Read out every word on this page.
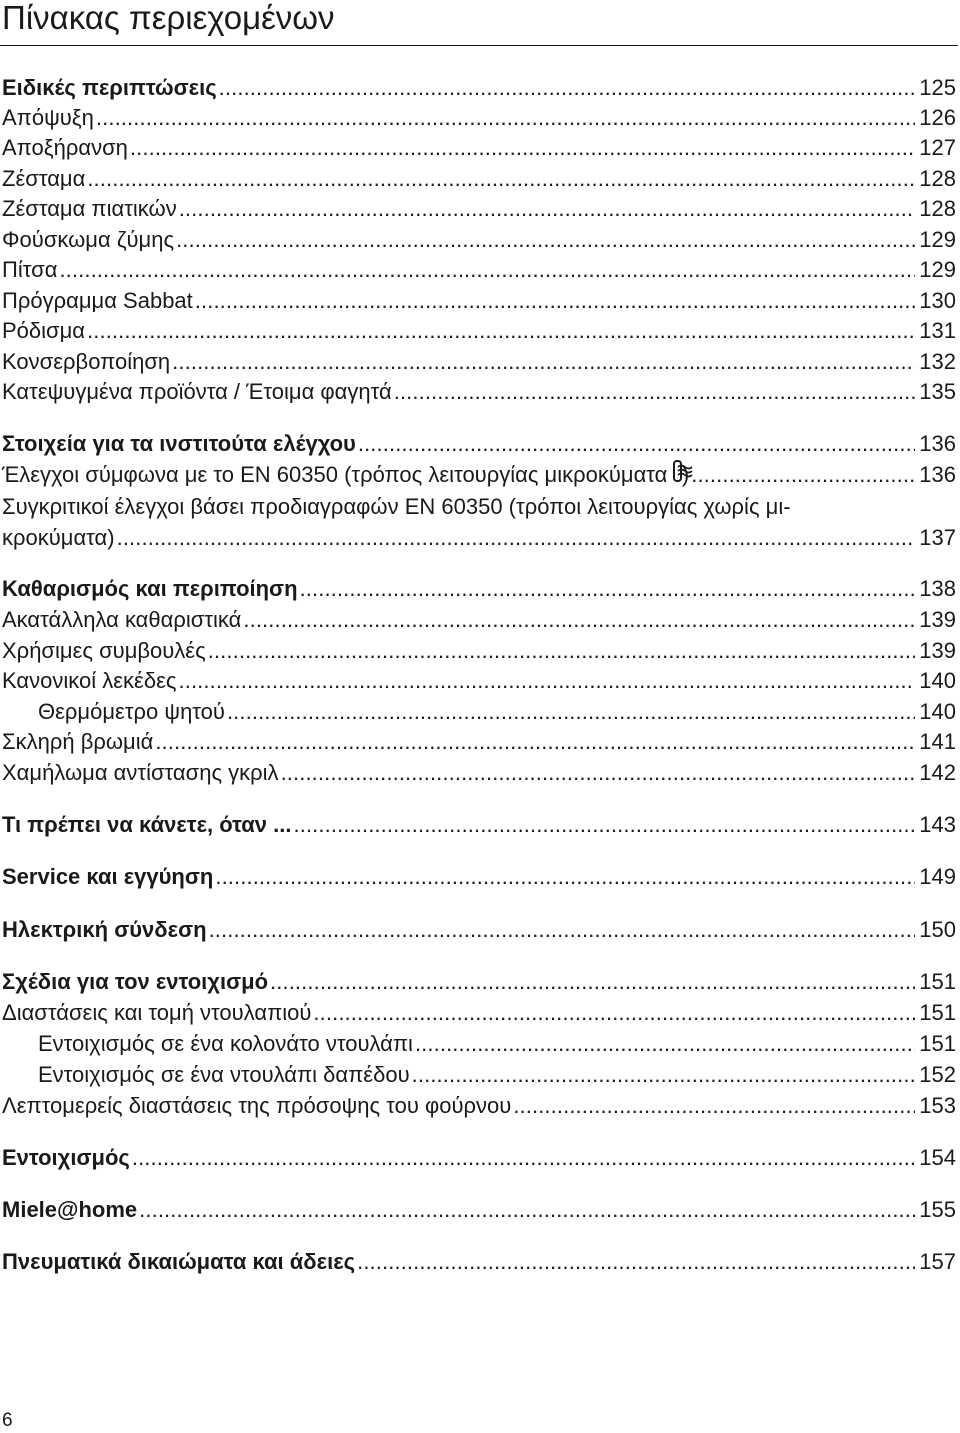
Πίνακας περιεχομένων
Ειδικές περιπτώσεις . . .	125
Απόψυξη . . .	126
Αποξήρανση . . .	127
Ζέσταμα . . .	128
Ζέσταμα πιατικών . . .	128
Φούσκωμα ζύμης . . .	129
Πίτσα . . .	129
Πρόγραμμα Sabbat . . .	130
Ρόδισμα . . .	131
Κονσερβοποίηση . . .	132
Κατεψυγμένα προϊόντα / Έτοιμα φαγητά . . .	135
Στοιχεία για τα ινστιτούτα ελέγχου . . .	136
Έλεγχοι σύμφωνα με το EN 60350 (τρόπος λειτουργίας μικροκύματα ) . . .	136
Συγκριτικοί έλεγχοι βάσει προδιαγραφών EN 60350 (τρόποι λειτουργίας χωρίς μι-
κροκύματα) . . .	137
Καθαρισμός και περιποίηση . . .	138
Ακατάλληλα καθαριστικά . . .	139
Χρήσιμες συμβουλές . . .	139
Κανονικοί λεκέδες . . .	140
Θερμόμετρο ψητού . . .	140
Σκληρή βρωμιά . . .	141
Χαμήλωμα αντίστασης γκριλ . . .	142
Τι πρέπει να κάνετε, όταν ... . . .	143
Service και εγγύηση . . .	149
Ηλεκτρική σύνδεση . . .	150
Σχέδια για τον εντοιχισμό . . .	151
Διαστάσεις και τομή ντουλαπιού . . .	151
Εντοιχισμός σε ένα κολονάτο ντουλάπι . . .	151
Εντοιχισμός σε ένα ντουλάπι δαπέδου . . .	152
Λεπτομερείς διαστάσεις της πρόσοψης του φούρνου . . .	153
Εντοιχισμός . . .	154
Miele@home . . .	155
Πνευματικά δικαιώματα και άδειες . . .	157
6
